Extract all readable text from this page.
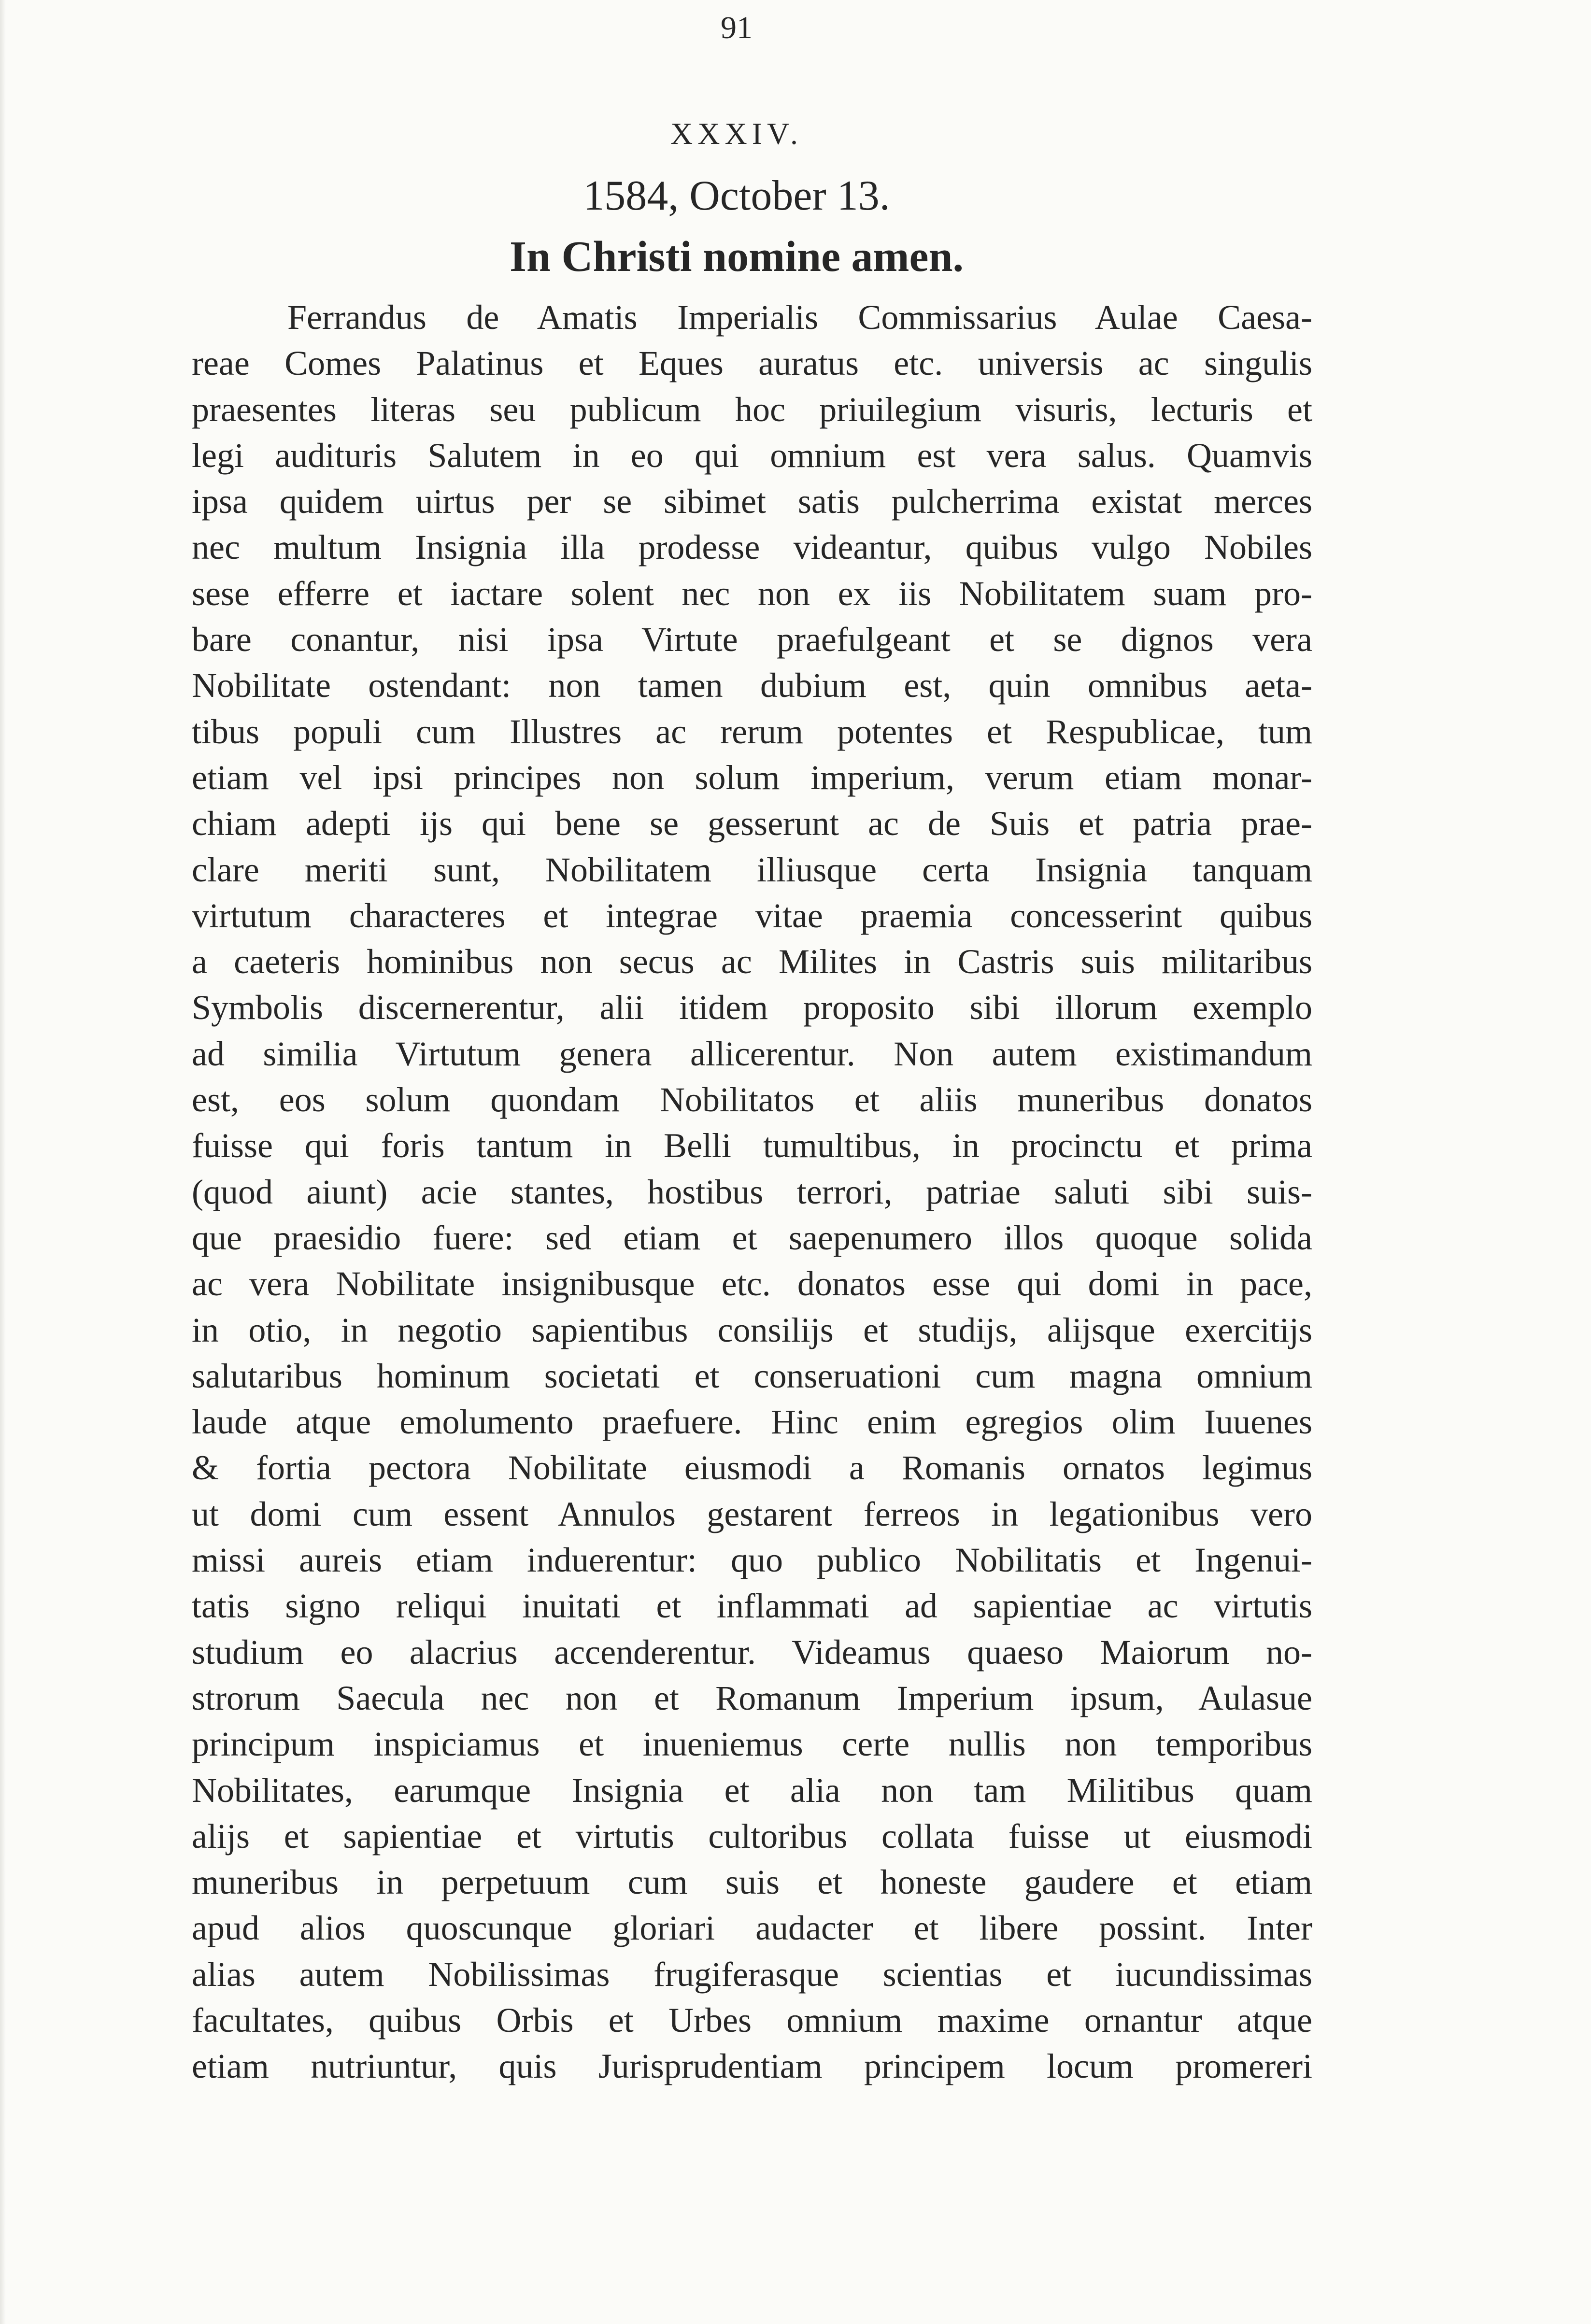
91
XXXIV.
1584, October 13.
In Christi nomine amen.
Ferrandus de Amatis Imperialis Commissarius Aulae Caesa-
reae Comes Palatinus et Eques auratus etc. universis ac singulis
praesentes literas seu publicum hoc priuilegium visuris, lecturis et
legi audituris Salutem in eo qui omnium est vera salus. Quamvis
ipsa quidem uirtus per se sibimet satis pulcherrima existat merces
nec multum Insignia illa prodesse videantur, quibus vulgo Nobiles
sese efferre et iactare solent nec non ex iis Nobilitatem suam pro-
bare conantur, nisi ipsa Virtute praefulgeant et se dignos vera
Nobilitate ostendant: non tamen dubium est, quin omnibus aeta-
tibus populi cum Illustres ac rerum potentes et Respublicae, tum
etiam vel ipsi principes non solum imperium, verum etiam monar-
chiam adepti ijs qui bene se gesserunt ac de Suis et patria prae-
clare meriti sunt, Nobilitatem illiusque certa Insignia tanquam
virtutum characteres et integrae vitae praemia concesserint quibus
a caeteris hominibus non secus ac Milites in Castris suis militaribus
Symbolis discernerentur, alii itidem proposito sibi illorum exemplo
ad similia Virtutum genera allicerentur. Non autem existimandum
est, eos solum quondam Nobilitatos et aliis muneribus donatos
fuisse qui foris tantum in Belli tumultibus, in procinctu et prima
(quod aiunt) acie stantes, hostibus terrori, patriae saluti sibi suis-
que praesidio fuere: sed etiam et saepenumero illos quoque solida
ac vera Nobilitate insignibusque etc. donatos esse qui domi in pace,
in otio, in negotio sapientibus consilijs et studijs, alijsque exercitijs
salutaribus hominum societati et conseruationi cum magna omnium
laude atque emolumento praefuere. Hinc enim egregios olim Iuuenes
& fortia pectora Nobilitate eiusmodi a Romanis ornatos legimus
ut domi cum essent Annulos gestarent ferreos in legationibus vero
missi aureis etiam induerentur: quo publico Nobilitatis et Ingenui-
tatis signo reliqui inuitati et inflammati ad sapientiae ac virtutis
studium eo alacrius accenderentur. Videamus quaeso Maiorum no-
strorum Saecula nec non et Romanum Imperium ipsum, Aulasue
principum inspiciamus et inueniemus certe nullis non temporibus
Nobilitates, earumque Insignia et alia non tam Militibus quam
alijs et sapientiae et virtutis cultoribus collata fuisse ut eiusmodi
muneribus in perpetuum cum suis et honeste gaudere et etiam
apud alios quoscunque gloriari audacter et libere possint. Inter
alias autem Nobilissimas frugiferasque scientias et iucundissimas
facultates, quibus Orbis et Urbes omnium maxime ornantur atque
etiam nutriuntur, quis Jurisprudentiam principem locum promereri
